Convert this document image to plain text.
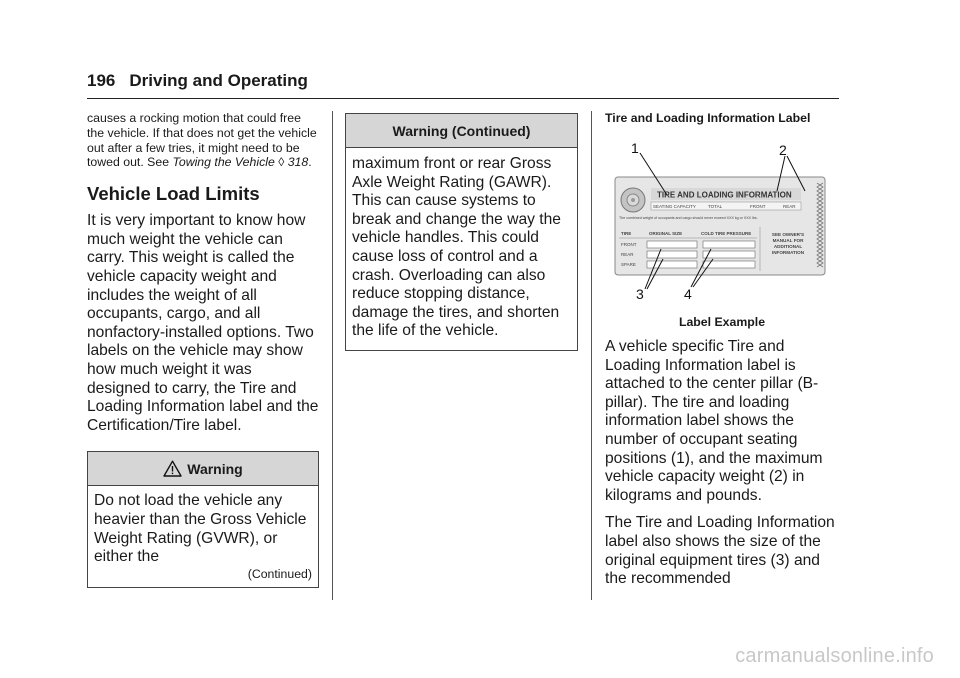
196 Driving and Operating

causes a rocking motion that could free the vehicle. If that does not get the vehicle out after a few tries, it might need to be towed out. See Towing the Vehicle ◊ 318.

Vehicle Load Limits

It is very important to know how much weight the vehicle can carry. This weight is called the vehicle capacity weight and includes the weight of all occupants, cargo, and all nonfactory-installed options. Two labels on the vehicle may show how much weight it was designed to carry, the Tire and Loading Information label and the Certification/Tire label.

Warning
Do not load the vehicle any heavier than the Gross Vehicle Weight Rating (GVWR), or either the
(Continued)
Warning (Continued)
maximum front or rear Gross Axle Weight Rating (GAWR). This can cause systems to break and change the way the vehicle handles. This could cause loss of control and a crash. Overloading can also reduce stopping distance, damage the tires, and shorten the life of the vehicle.

Tire and Loading Information Label

TIRE AND LOADING INFORMATION
SEATING CAPACITY	TOTAL	FRONT	REAR
The combined weight of occupants and cargo should never exceed XXX kg or XXX lbs.
TIRE	ORIGINAL SIZE	COLD TIRE PRESSURE
FRONT
REAR
SPARE
SEE OWNER'S MANUAL FOR ADDITIONAL INFORMATION
1	2
3	4
Label Example

A vehicle specific Tire and Loading Information label is attached to the center pillar (B-pillar). The tire and loading information label shows the number of occupant seating positions (1), and the maximum vehicle capacity weight (2) in kilograms and pounds.

The Tire and Loading Information label also shows the size of the original equipment tires (3) and the recommended

carmanualsonline.info
